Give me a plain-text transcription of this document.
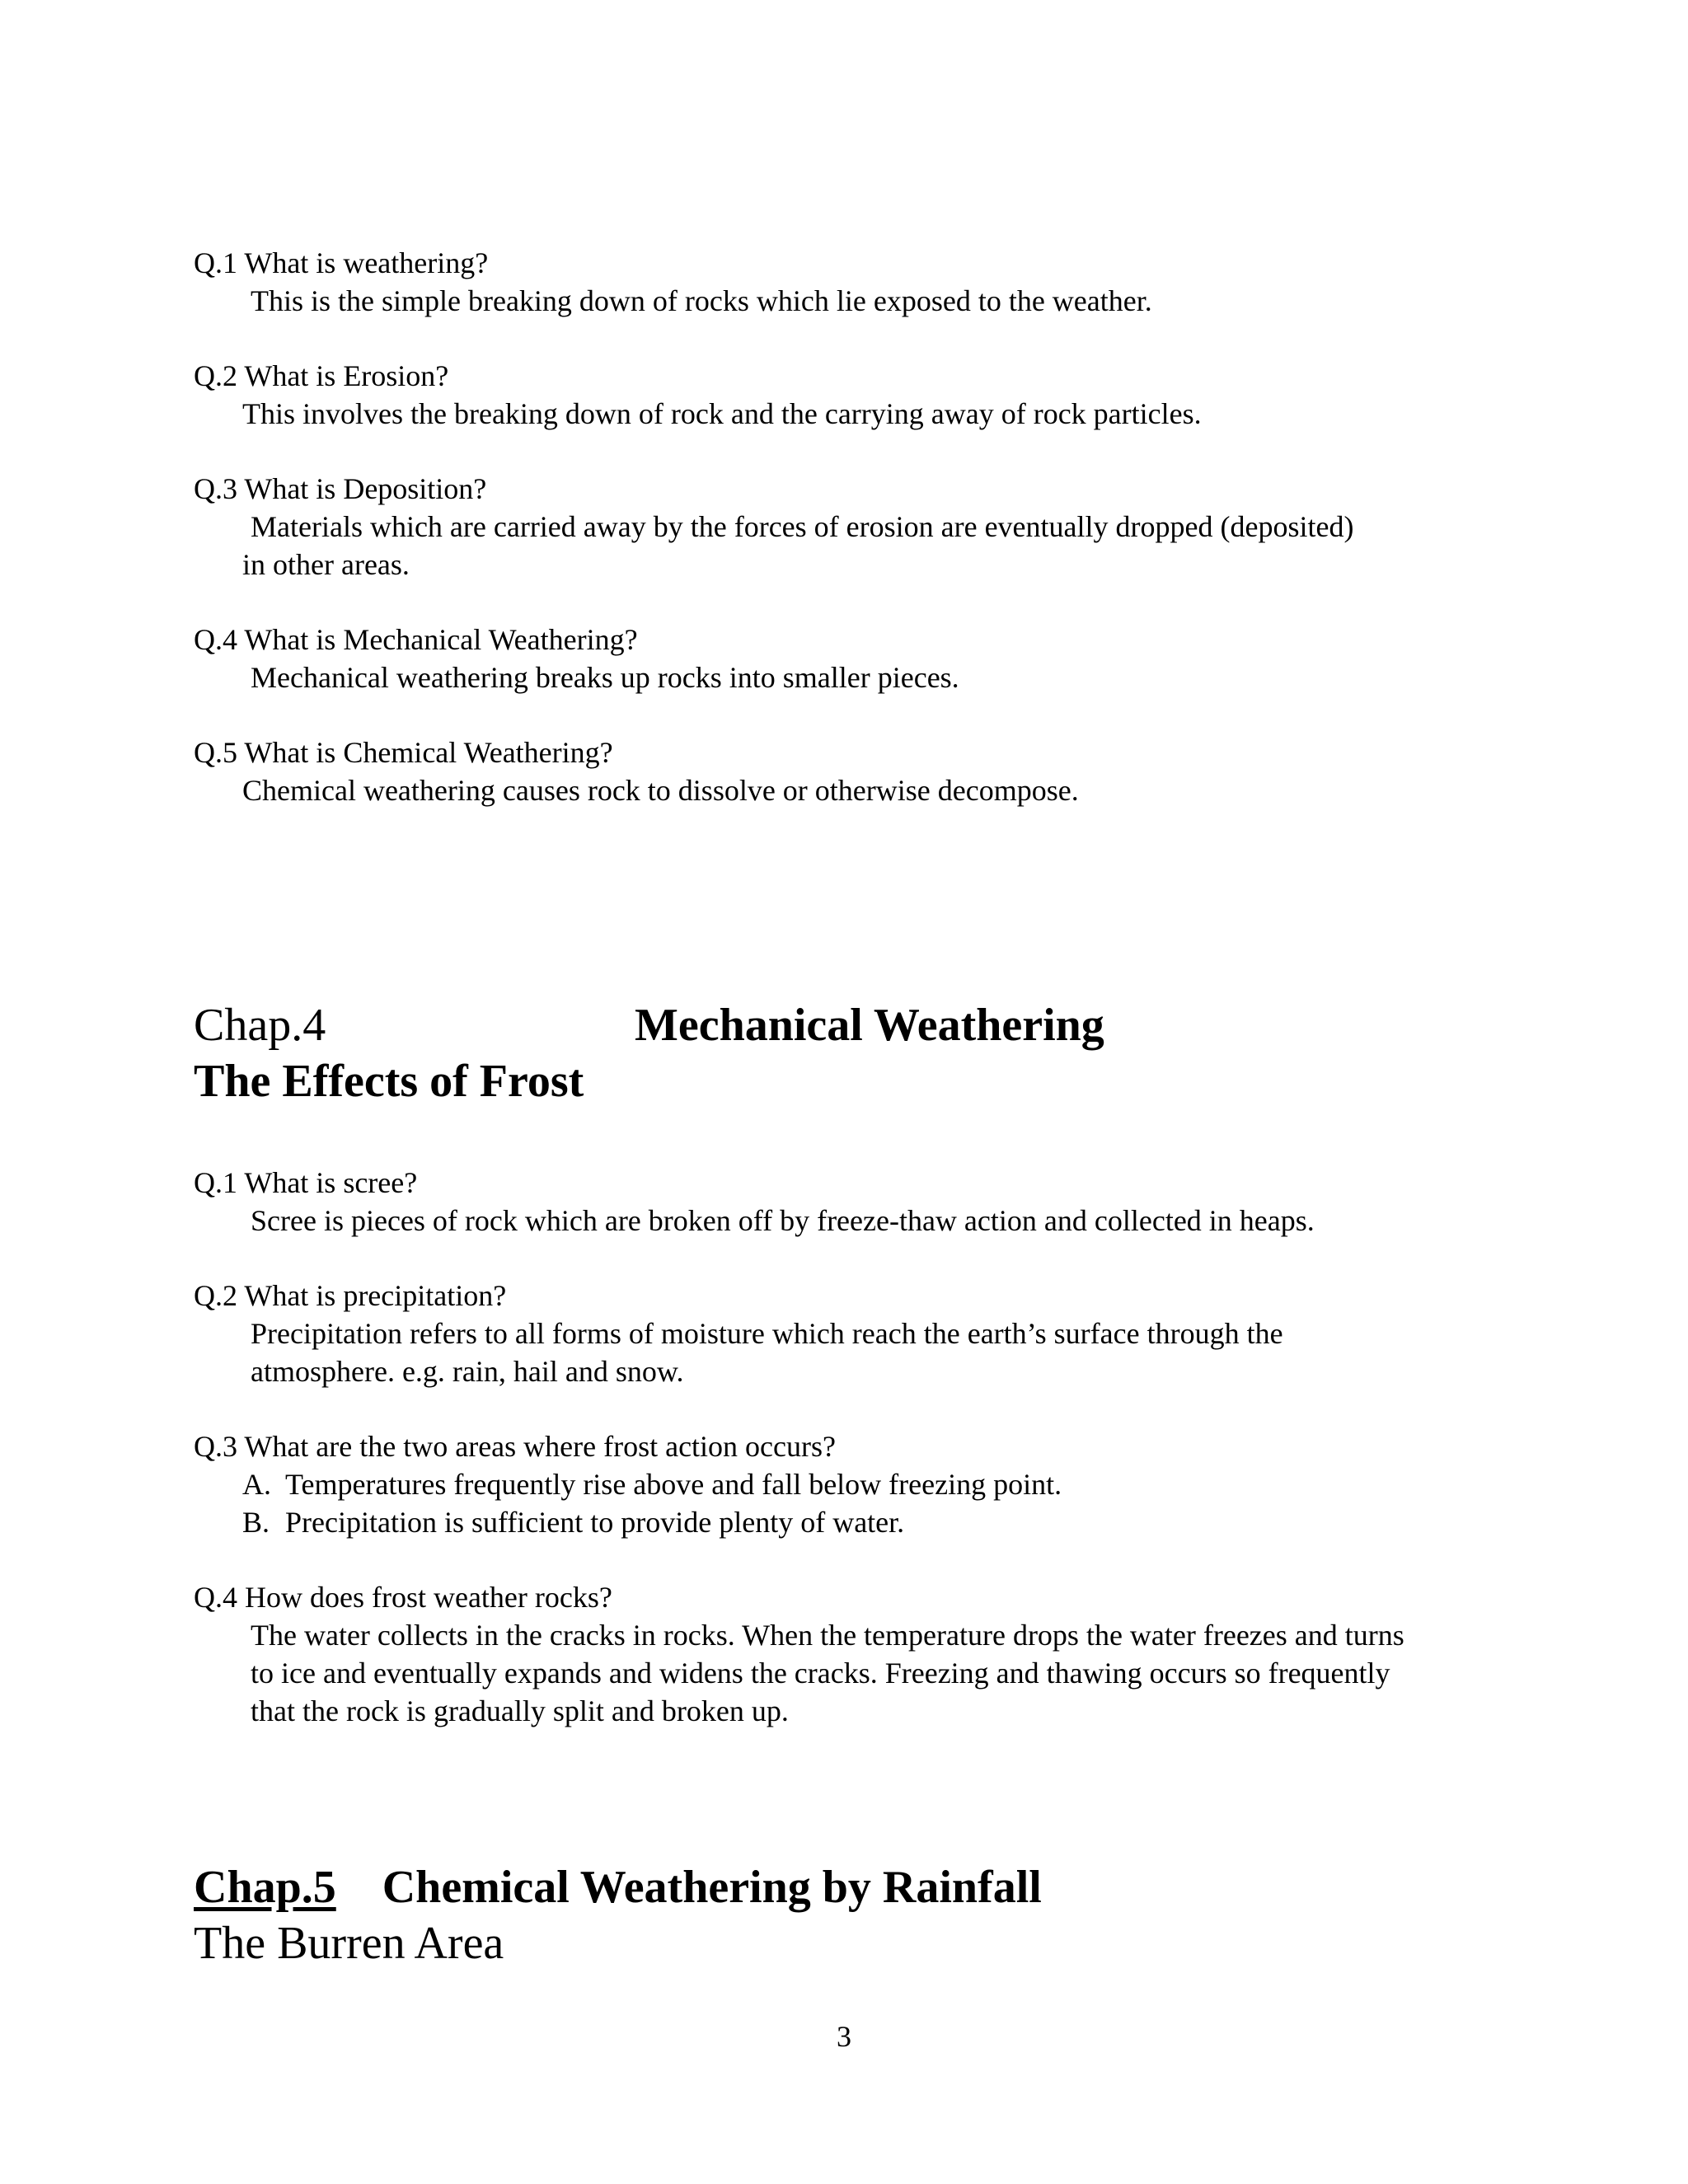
Q.1 What is weathering?
This is the simple breaking down of rocks which lie exposed to the weather.
Q.2 What is Erosion?
This involves the breaking down of rock and the carrying away of rock particles.
Q.3 What is Deposition?
Materials which are carried away by the forces of erosion are eventually dropped (deposited)
in other areas.
Q.4 What is Mechanical Weathering?
Mechanical weathering breaks up rocks into smaller pieces.
Q.5 What is Chemical Weathering?
Chemical weathering causes rock to dissolve or otherwise decompose.
Chap.4	Mechanical Weathering
The Effects of Frost
Q.1 What is scree?
Scree is pieces of rock which are broken off by freeze-thaw action and collected in heaps.
Q.2 What is precipitation?
Precipitation refers to all forms of moisture which reach the earth’s surface through the
atmosphere. e.g. rain, hail and snow.
Q.3 What are the two areas where frost action occurs?
A. Temperatures frequently rise above and fall below freezing point.
B. Precipitation is sufficient to provide plenty of water.
Q.4 How does frost weather rocks?
The water collects in the cracks in rocks. When the temperature drops the water freezes and turns
to ice and eventually expands and widens the cracks. Freezing and thawing occurs so frequently
that the rock is gradually split and broken up.
Chap.5 Chemical Weathering by Rainfall
The Burren Area
3
